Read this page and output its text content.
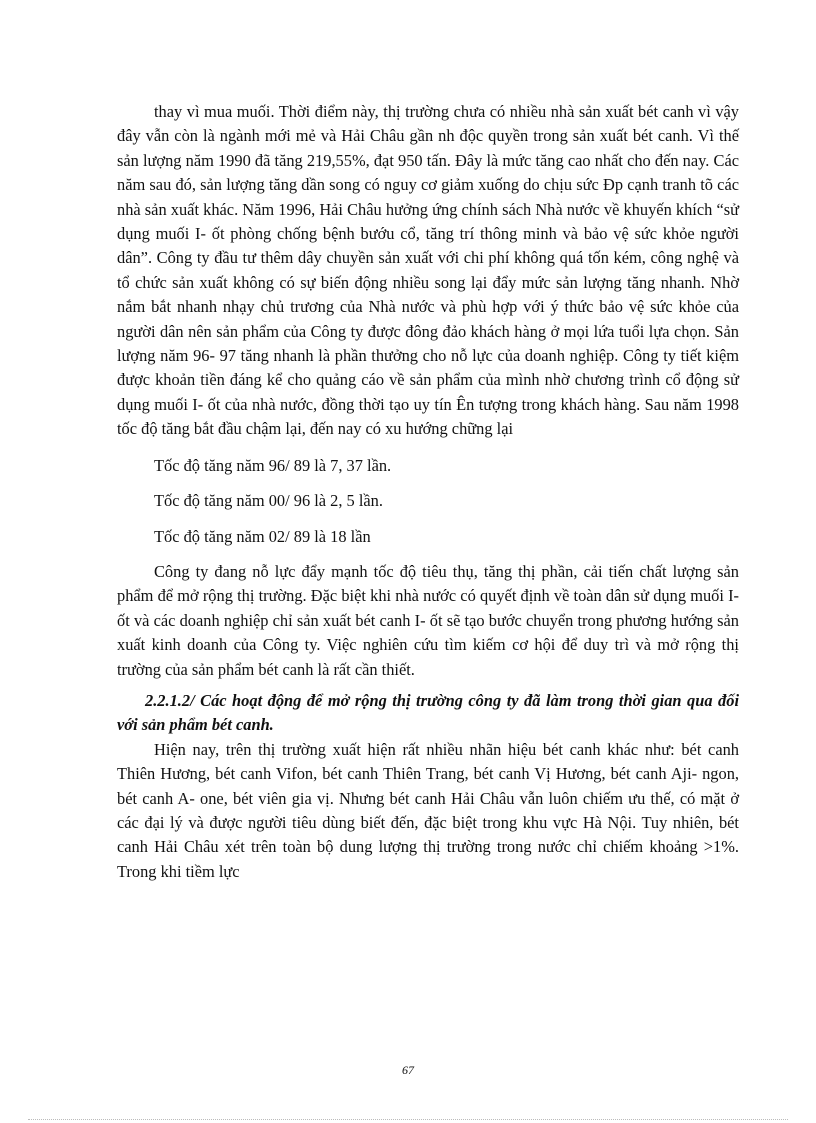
thay vì mua muối. Thời điểm này, thị trường chưa có nhiều nhà sản xuất bét canh vì vậy đây vẫn còn là ngành mới mẻ và Hải Châu gần nh độc quyền trong sản xuất bét canh. Vì thế sản lượng năm 1990 đã tăng 219,55%, đạt 950 tấn. Đây là mức tăng cao nhất cho đến nay. Các năm sau đó, sản lượng tăng dần song có nguy cơ giảm xuống do chịu sức Ðp cạnh tranh tõ các nhà sản xuất khác. Năm 1996, Hải Châu hưởng ứng chính sách Nhà nước về khuyến khích “sử dụng muối I- ốt phòng chống bệnh bướu cổ, tăng trí thông minh và bảo vệ sức khỏe người dân”. Công ty đầu tư thêm dây chuyền sản xuất với chi phí không quá tốn kém, công nghệ và tổ chức sản xuất không có sự biến động nhiều song lại đẩy mức sản lượng tăng nhanh. Nhờ nắm bắt nhanh nhạy chủ trương của Nhà nước và phù hợp với ý thức bảo vệ sức khỏe của người dân nên sản phẩm của Công ty được đông đảo khách hàng ở mọi lứa tuổi lựa chọn. Sản lượng năm 96- 97 tăng nhanh là phần thưởng cho nỗ lực của doanh nghiệp. Công ty tiết kiệm được khoản tiền đáng kể cho quảng cáo về sản phẩm của mình nhờ chương trình cổ động sử dụng muối I- ốt của nhà nước, đồng thời tạo uy tín Ên tượng trong khách hàng. Sau năm 1998 tốc độ tăng bắt đầu chậm lại, đến nay có xu hướng chững lại

Tốc độ tăng năm 96/ 89 là 7, 37 lần.

Tốc độ tăng năm 00/ 96 là 2, 5 lần.

Tốc độ tăng năm 02/ 89 là 18 lần

Công ty đang nỗ lực đẩy mạnh tốc độ tiêu thụ, tăng thị phần, cải tiến chất lượng sản phẩm để mở rộng thị trường. Đặc biệt khi nhà nước có quyết định về toàn dân sử dụng muối I- ốt và các doanh nghiệp chỉ sản xuất bét canh I- ốt sẽ tạo bước chuyển trong phương hướng sản xuất kinh doanh của Công ty. Việc nghiên cứu tìm kiếm cơ hội để duy trì và mở rộng thị trường của sản phẩm bét canh là rất cần thiết.

2.2.1.2/ Các hoạt động để mở rộng thị trường công ty đã làm trong thời gian qua đối với sản phẩm bét canh.

Hiện nay, trên thị trường xuất hiện rất nhiều nhãn hiệu bét canh khác như: bét canh Thiên Hương, bét canh Vifon, bét canh Thiên Trang, bét canh Vị Hương, bét canh Aji- ngon, bét canh A- one, bét viên gia vị. Nhưng bét canh Hải Châu vẫn luôn chiếm ưu thế, có mặt ở các đại lý và được người tiêu dùng biết đến, đặc biệt trong khu vực Hà Nội. Tuy nhiên, bét canh Hải Châu xét trên toàn bộ dung lượng thị trường trong nước chỉ chiếm khoảng >1%. Trong khi tiềm lực

67
